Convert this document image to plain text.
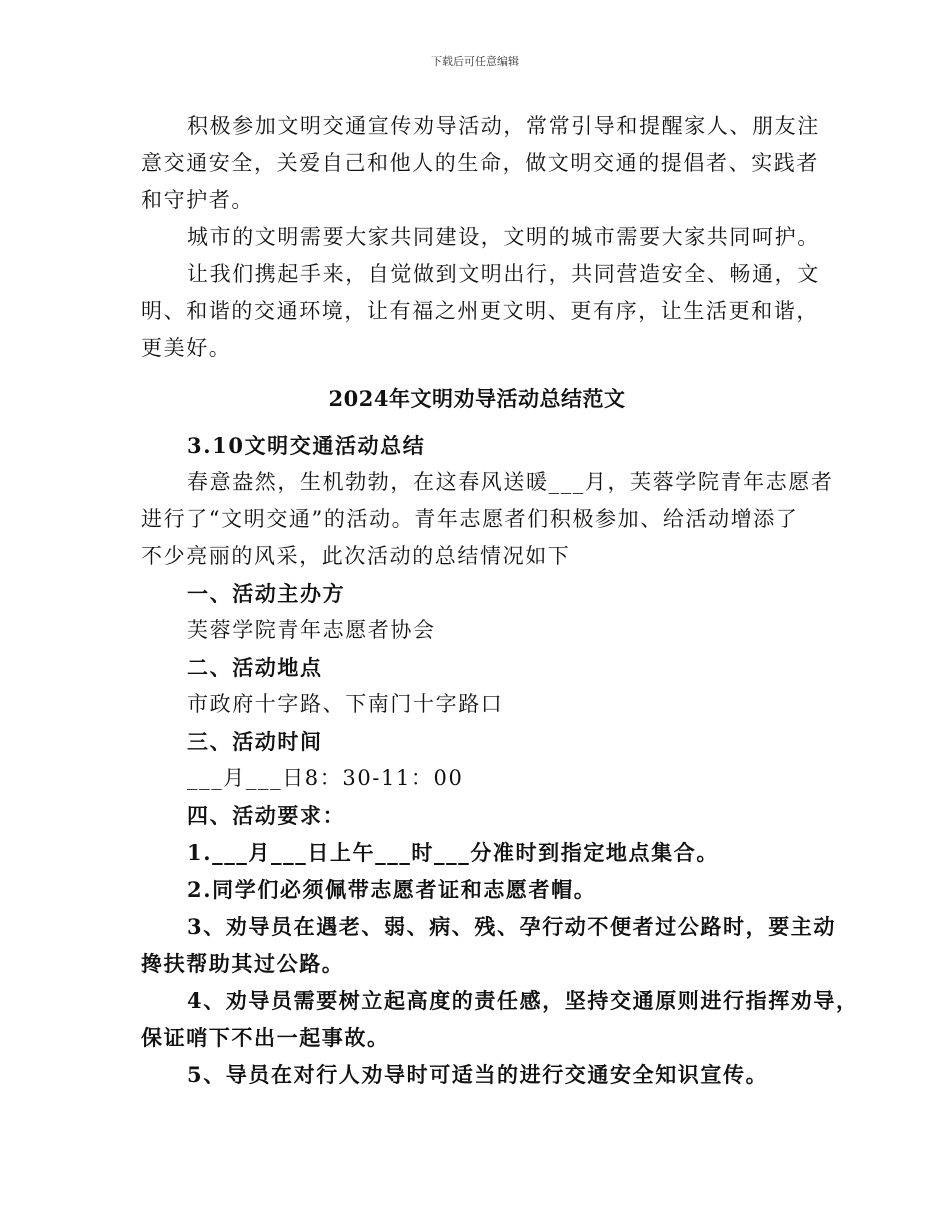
下载后可任意编辑
积极参加文明交通宣传劝导活动，常常引导和提醒家人、朋友注
意交通安全，关爱自己和他人的生命，做文明交通的提倡者、实践者
和守护者。
城市的文明需要大家共同建设，文明的城市需要大家共同呵护。
让我们携起手来，自觉做到文明出行，共同营造安全、畅通，文
明、和谐的交通环境，让有福之州更文明、更有序，让生活更和谐，
更美好。
2024年文明劝导活动总结范文
3.10文明交通活动总结
春意盎然，生机勃勃，在这春风送暖___月，芙蓉学院青年志愿者
进行了“文明交通”的活动。青年志愿者们积极参加、给活动增添了
不少亮丽的风采，此次活动的总结情况如下
一、活动主办方
芙蓉学院青年志愿者协会
二、活动地点
市政府十字路、下南门十字路口
三、活动时间
___月___日8：30-11：00
四、活动要求：
1.___月___日上午___时___分准时到指定地点集合。
2.同学们必须佩带志愿者证和志愿者帽。
3、劝导员在遇老、弱、病、残、孕行动不便者过公路时，要主动
搀扶帮助其过公路。
4、劝导员需要树立起高度的责任感，坚持交通原则进行指挥劝导，
保证哨下不出一起事故。
5、导员在对行人劝导时可适当的进行交通安全知识宣传。
